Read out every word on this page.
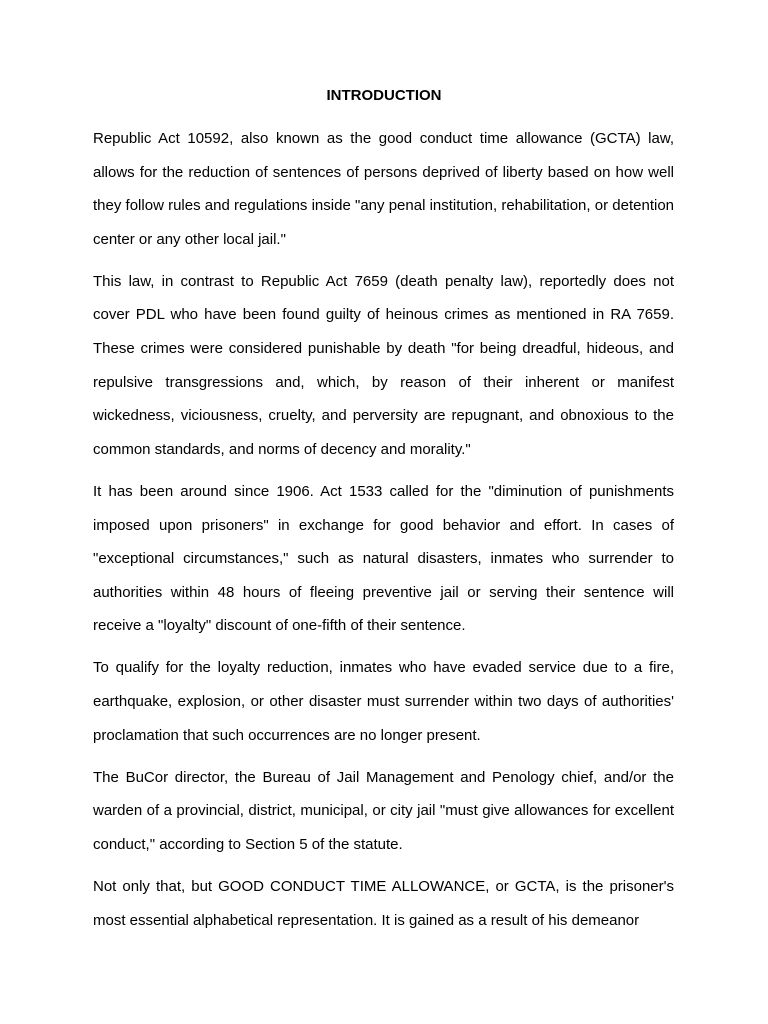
INTRODUCTION

Republic Act 10592, also known as the good conduct time allowance (GCTA) law, allows for the reduction of sentences of persons deprived of liberty based on how well they follow rules and regulations inside "any penal institution, rehabilitation, or detention center or any other local jail."

This law, in contrast to Republic Act 7659 (death penalty law), reportedly does not cover PDL who have been found guilty of heinous crimes as mentioned in RA 7659. These crimes were considered punishable by death "for being dreadful, hideous, and repulsive transgressions and, which, by reason of their inherent or manifest wickedness, viciousness, cruelty, and perversity are repugnant, and obnoxious to the common standards, and norms of decency and morality."

It has been around since 1906. Act 1533 called for the "diminution of punishments imposed upon prisoners" in exchange for good behavior and effort. In cases of "exceptional circumstances," such as natural disasters, inmates who surrender to authorities within 48 hours of fleeing preventive jail or serving their sentence will receive a "loyalty" discount of one-fifth of their sentence.

To qualify for the loyalty reduction, inmates who have evaded service due to a fire, earthquake, explosion, or other disaster must surrender within two days of authorities' proclamation that such occurrences are no longer present.

The BuCor director, the Bureau of Jail Management and Penology chief, and/or the warden of a provincial, district, municipal, or city jail "must give allowances for excellent conduct," according to Section 5 of the statute.

Not only that, but GOOD CONDUCT TIME ALLOWANCE, or GCTA, is the prisoner's most essential alphabetical representation. It is gained as a result of his demeanor
